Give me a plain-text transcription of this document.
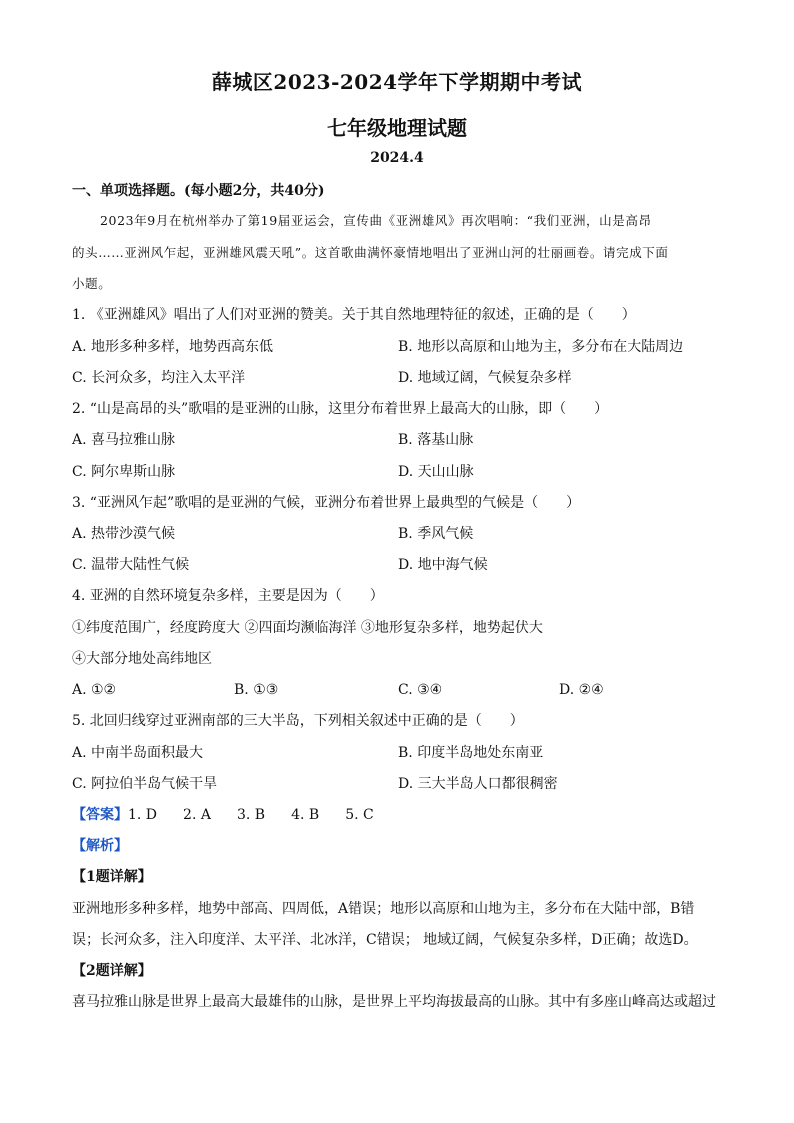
薛城区2023-2024学年下学期期中考试
七年级地理试题
2024.4
一、单项选择题。(每小题2分，共40分)
2023年9月在杭州举办了第19届亚运会，宣传曲《亚洲雄风》再次唱响：“我们亚洲，山是高昂
的头……亚洲风乍起，亚洲雄风震天吼”。这首歌曲满怀豪情地唱出了亚洲山河的壮丽画卷。请完成下面
小题。
1. 《亚洲雄风》唱出了人们对亚洲的赞美。关于其自然地理特征的叙述，正确的是（　　）
A. 地形多种多样，地势西高东低	B. 地形以高原和山地为主，多分布在大陆周边
C. 长河众多，均注入太平洋	D. 地域辽阔，气候复杂多样
2. “山是高昂的头”歌唱的是亚洲的山脉，这里分布着世界上最高大的山脉，即（　　）
A. 喜马拉雅山脉	B. 落基山脉
C. 阿尔卑斯山脉	D. 天山山脉
3. “亚洲风乍起”歌唱的是亚洲的气候，亚洲分布着世界上最典型的气候是（　　）
A. 热带沙漠气候	B. 季风气候
C. 温带大陆性气候	D. 地中海气候
4. 亚洲的自然环境复杂多样，主要是因为（　　）
①纬度范围广，经度跨度大 ②四面均濒临海洋 ③地形复杂多样，地势起伏大
④大部分地处高纬地区
A. ①②	B. ①③	C. ③④	D. ②④
5. 北回归线穿过亚洲南部的三大半岛，下列相关叙述中正确的是（　　）
A. 中南半岛面积最大	B. 印度半岛地处东南亚
C. 阿拉伯半岛气候干旱	D. 三大半岛人口都很稠密
【答案】1. D 2. A 3. B 4. B 5. C
【解析】
【1题详解】
亚洲地形多种多样，地势中部高、四周低，A错误；地形以高原和山地为主，多分布在大陆中部，B错
误；长河众多，注入印度洋、太平洋、北冰洋，C错误； 地域辽阔，气候复杂多样，D正确；故选D。
【2题详解】
喜马拉雅山脉是世界上最高大最雄伟的山脉，是世界上平均海拔最高的山脉。其中有多座山峰高达或超过
